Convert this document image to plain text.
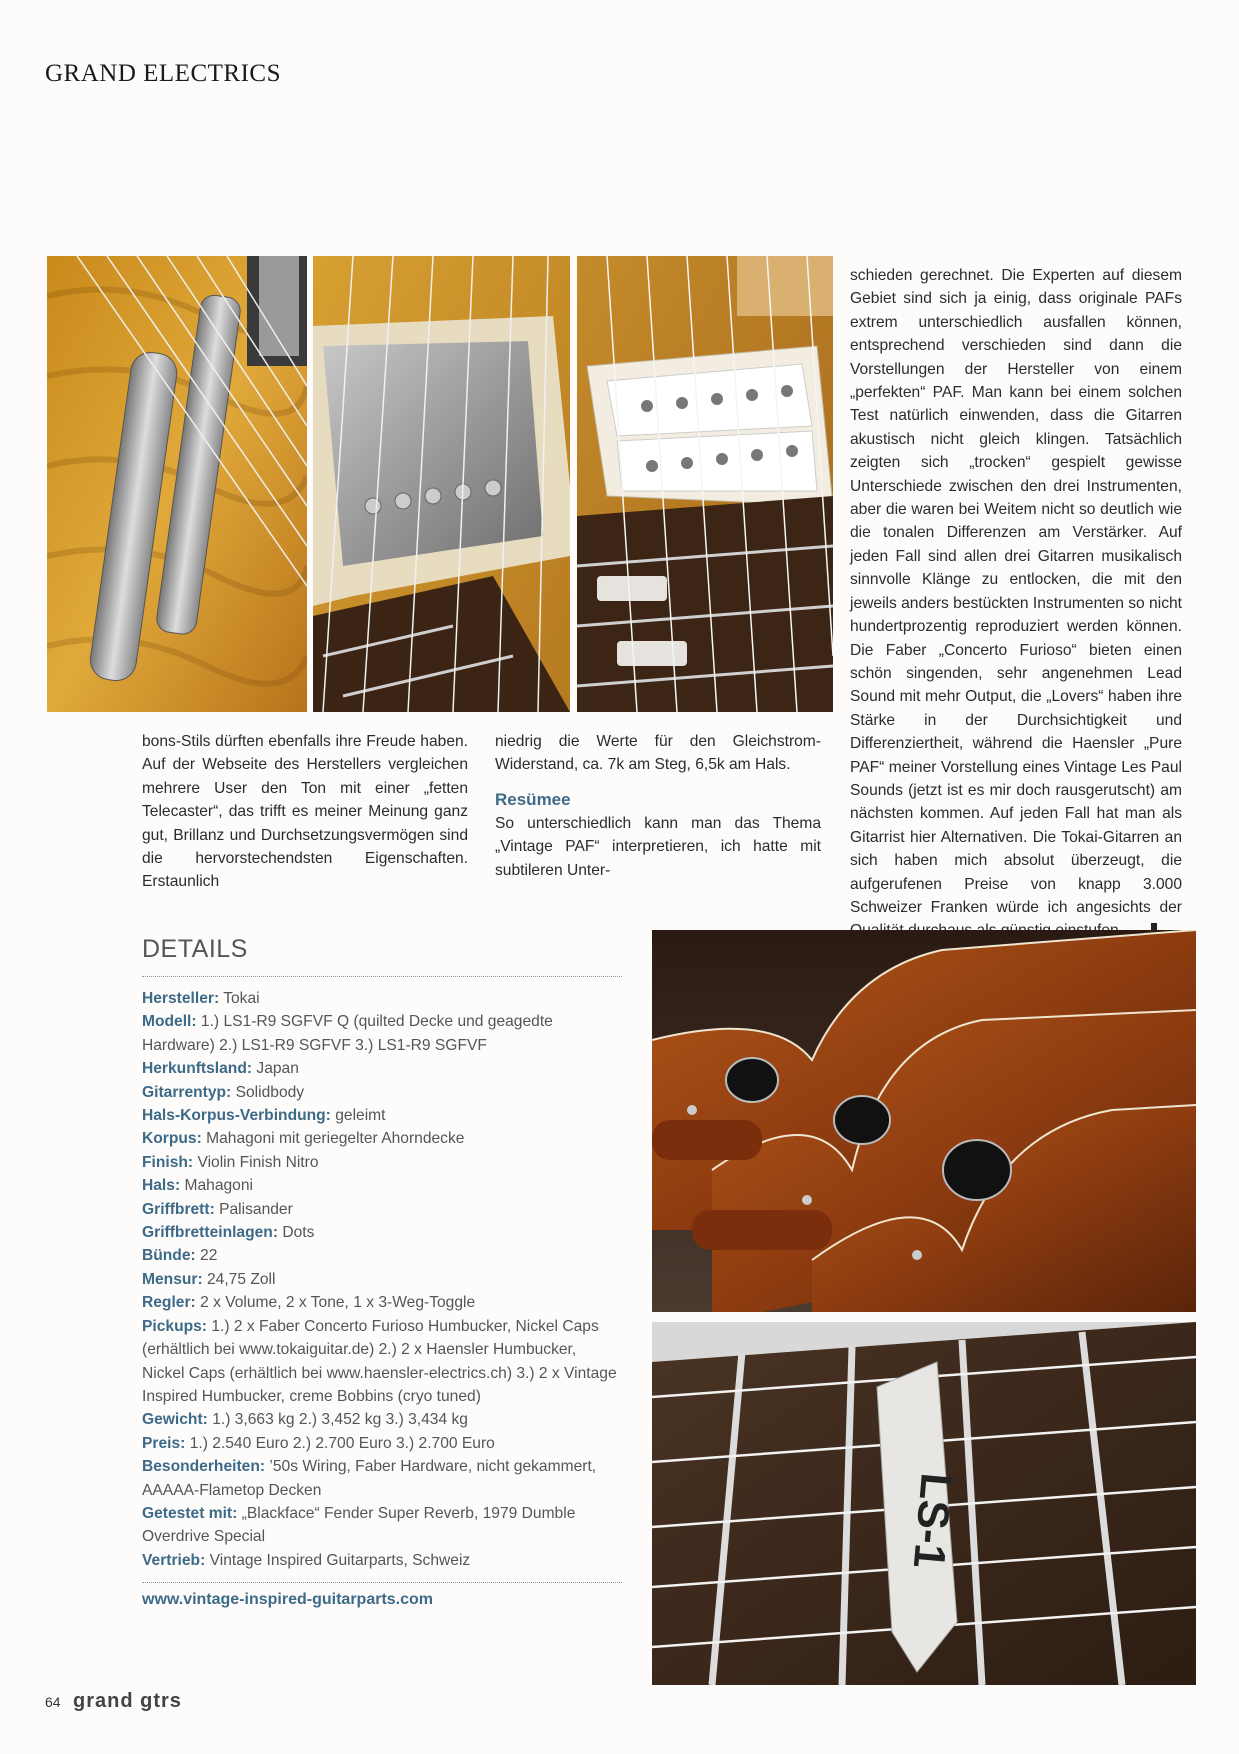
GRAND ELECTRICS

bons-Stils dürften ebenfalls ihre Freude haben. Auf der Webseite des Herstellers vergleichen mehrere User den Ton mit einer „fetten Telecaster“, das trifft es meiner Meinung ganz gut, Brillanz und Durchsetzungsvermögen sind die hervorstechendsten Eigenschaften. Erstaunlich

niedrig die Werte für den Gleichstrom-Widerstand, ca. 7k am Steg, 6,5k am Hals.

Resümee

So unterschiedlich kann man das Thema „Vintage PAF“ interpretieren, ich hatte mit subtileren Unter-

schieden gerechnet. Die Experten auf diesem Gebiet sind sich ja einig, dass originale PAFs extrem unterschiedlich ausfallen können, entsprechend verschieden sind dann die Vorstellungen der Hersteller von einem „perfekten“ PAF. Man kann bei einem solchen Test natürlich einwenden, dass die Gitarren akustisch nicht gleich klingen. Tatsächlich zeigten sich „trocken“ gespielt gewisse Unterschiede zwischen den drei Instrumenten, aber die waren bei Weitem nicht so deutlich wie die tonalen Differenzen am Verstärker. Auf jeden Fall sind allen drei Gitarren musikalisch sinnvolle Klänge zu entlocken, die mit den jeweils anders bestückten Instrumenten so nicht hundertprozentig reproduziert werden können. Die Faber „Concerto Furioso“ bieten einen schön singenden, sehr angenehmen Lead Sound mit mehr Output, die „Lovers“ haben ihre Stärke in der Durchsichtigkeit und Differenziertheit, während die Haensler „Pure PAF“ meiner Vorstellung eines Vintage Les Paul Sounds (jetzt ist es mir doch rausgerutscht) am nächsten kommen. Auf jeden Fall hat man als Gitarrist hier Alternativen. Die Tokai-Gitarren an sich haben mich absolut überzeugt, die aufgerufenen Preise von knapp 3.000 Schweizer Franken würde ich angesichts der

DETAILS
Hersteller: Tokai
Modell: 1.) LS1-R9 SGFVF Q (quilted Decke und geagedte Hardware) 2.) LS1-R9 SGFVF 3.) LS1-R9 SGFVF
Herkunftsland: Japan
Gitarrentyp: Solidbody
Hals-Korpus-Verbindung: geleimt
Korpus: Mahagoni mit geriegelter Ahorndecke
Finish: Violin Finish Nitro
Hals: Mahagoni
Griffbrett: Palisander
Griffbretteinlagen: Dots
Bünde: 22
Mensur: 24,75 Zoll
Regler: 2 x Volume, 2 x Tone, 1 x 3-Weg-Toggle
Pickups: 1.) 2 x Faber Concerto Furioso Humbucker, Nickel Caps (erhältlich bei www.tokaiguitar.de) 2.) 2 x Haensler Humbucker, Nickel Caps (erhältlich bei www.haensler-electrics.ch) 3.) 2 x Vintage Inspired Humbucker, creme Bobbins (cryo tuned)
Gewicht: 1.) 3,663 kg 2.) 3,452 kg 3.) 3,434 kg
Preis: 1.) 2.540 Euro 2.) 2.700 Euro 3.) 2.700 Euro
Besonderheiten: ’50s Wiring, Faber Hardware, nicht gekammert, AAAAA-Flametop Decken
Getestet mit: „Blackface“ Fender Super Reverb, 1979 Dumble Overdrive Special
Vertrieb: Vintage Inspired Guitarparts, Schweiz
www.vintage-inspired-guitarparts.com
LS-1
64 grand gtrs
